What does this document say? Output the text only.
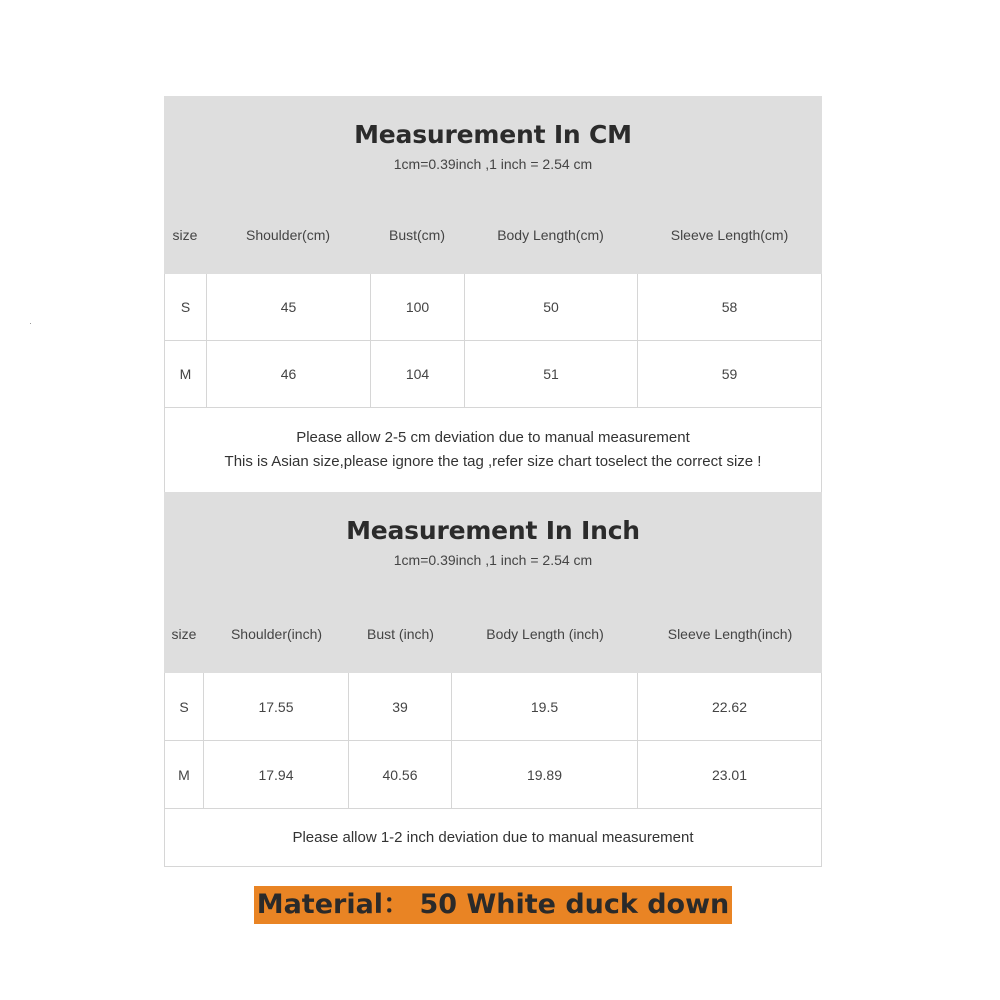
Measurement In CM
1cm=0.39inch ,1 inch = 2.54 cm
size	Shoulder(cm)	Bust(cm)	Body Length(cm)	Sleeve Length(cm)
S	45	100	50	58
M	46	104	51	59
Please allow 2-5 cm deviation due to manual measurement
This is Asian size,please ignore the tag ,refer size chart toselect the correct size !
Measurement In Inch
1cm=0.39inch ,1 inch = 2.54 cm
size	Shoulder(inch)	Bust (inch)	Body Length (inch)	Sleeve Length(inch)
S	17.55	39	19.5	22.62
M	17.94	40.56	19.89	23.01
Please allow 1-2 inch deviation due to manual measurement
Material： 50 White duck down
